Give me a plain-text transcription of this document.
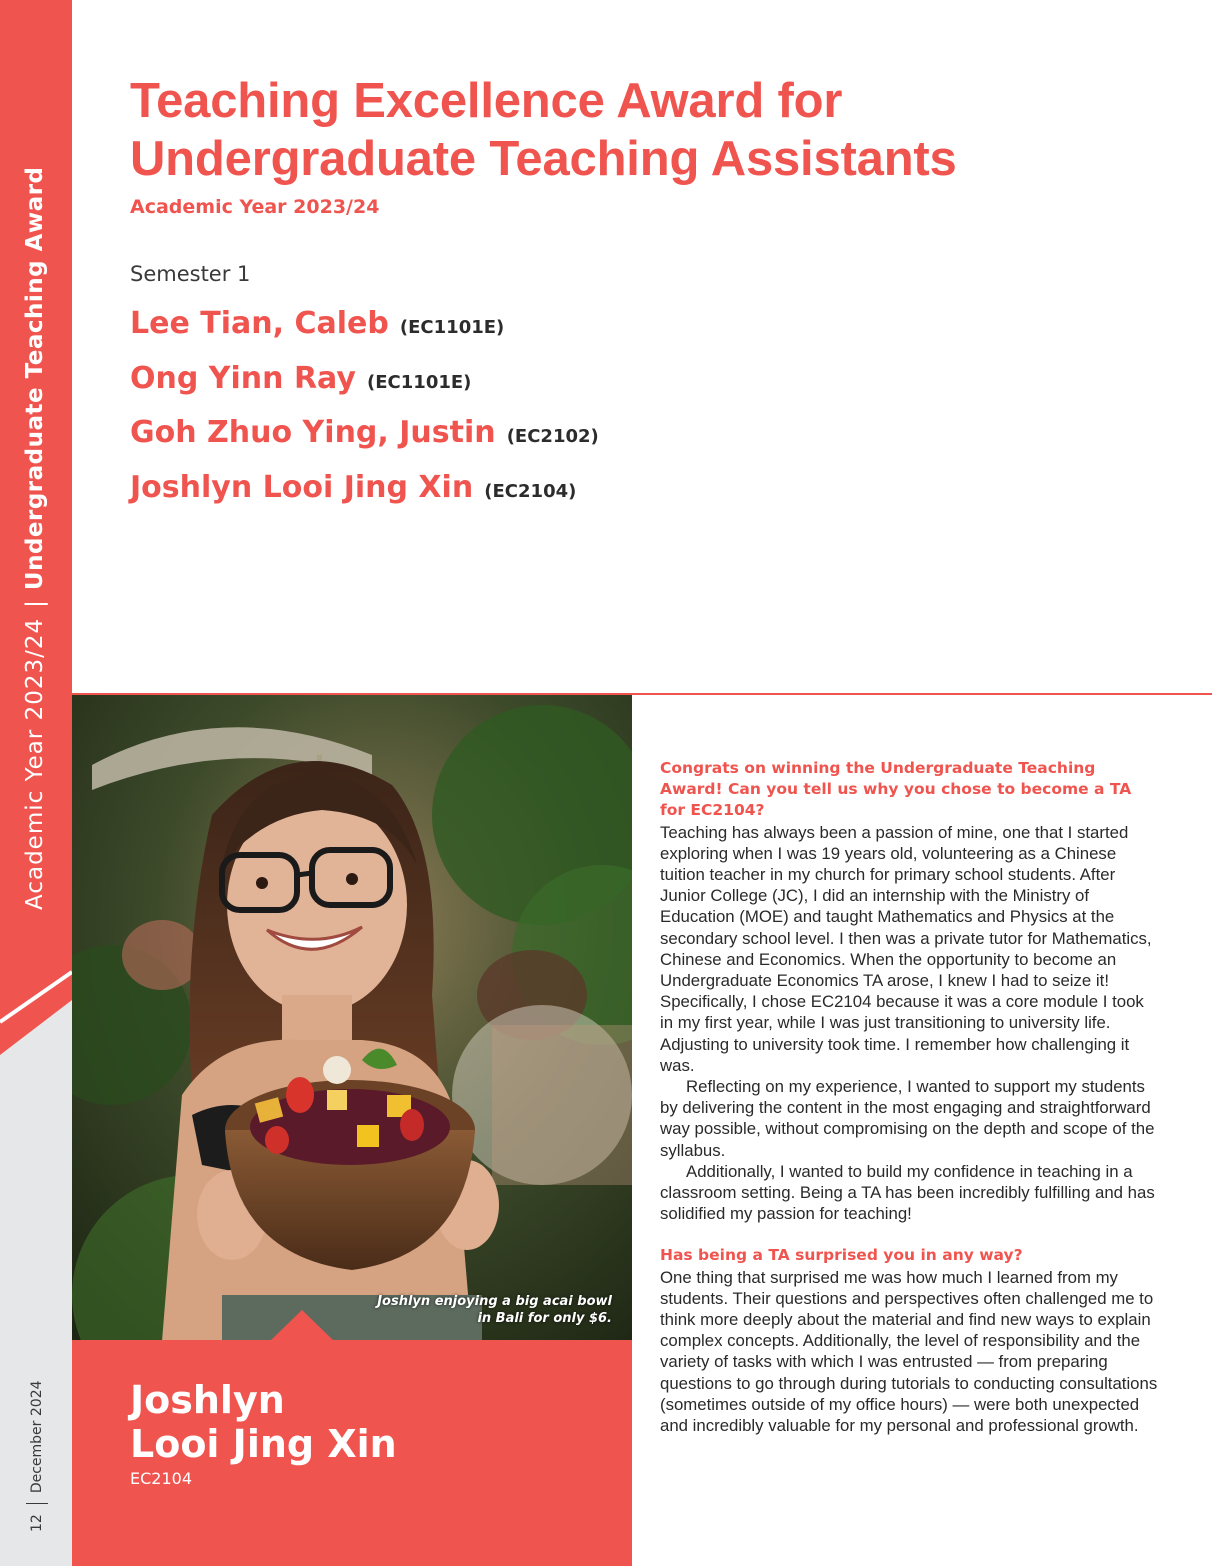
Academic Year 2023/24|Undergraduate Teaching Award
12December 2024
Teaching Excellence Award for
Undergraduate Teaching Assistants
Academic Year 2023/24
Semester 1
Lee Tian, Caleb (EC1101E)
Ong Yinn Ray (EC1101E)
Goh Zhuo Ying, Justin (EC2102)
Joshlyn Looi Jing Xin (EC2104)
Joshlyn enjoying a big acai bowl
in Bali for only $6.
Joshlyn
Looi Jing Xin
EC2104

Congrats on winning the Undergraduate Teaching Award! Can you tell us why you chose to become a TA for EC2104?

Teaching has always been a passion of mine, one that I started exploring when I was 19 years old, volunteering as a Chinese tuition teacher in my church for primary school students. After Junior College (JC), I did an internship with the Ministry of Education (MOE) and taught Mathematics and Physics at the secondary school level. I then was a private tutor for Mathematics, Chinese and Economics. When the opportunity to become an Undergraduate Economics TA arose, I knew I had to seize it! Specifically, I chose EC2104 because it was a core module I took in my first year, while I was just transitioning to university life. Adjusting to university took time. I remember how challenging it was.

Reflecting on my experience, I wanted to support my students by delivering the content in the most engaging and straightforward way possible, without compromising on the depth and scope of the syllabus.

Additionally, I wanted to build my confidence in teaching in a classroom setting. Being a TA has been incredibly fulfilling and has solidified my passion for teaching!

Has being a TA surprised you in any way?

One thing that surprised me was how much I learned from my students. Their questions and perspectives often challenged me to think more deeply about the material and find new ways to explain complex concepts. Additionally, the level of responsibility and the variety of tasks with which I was entrusted — from preparing questions to go through during tutorials to conducting consultations (sometimes outside of my office hours) — were both unexpected and incredibly valuable for my personal and professional growth.
